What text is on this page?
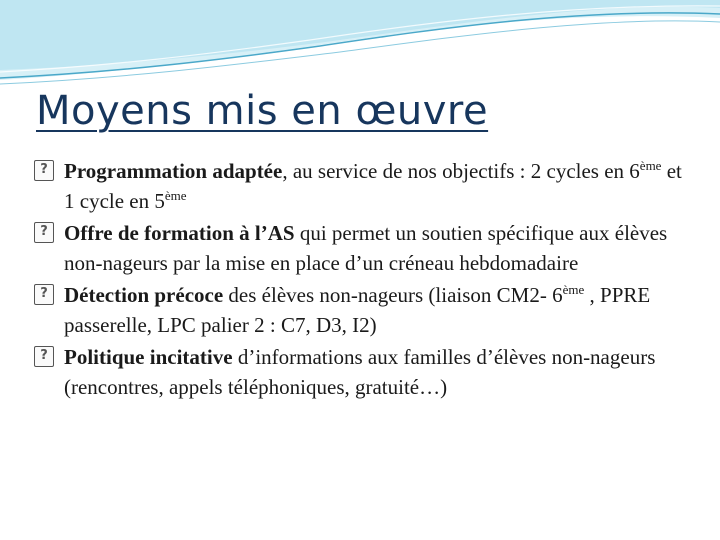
Moyens mis en œuvre
? Programmation adaptée, au service de nos objectifs : 2 cycles en 6ème et 1 cycle en 5ème
? Offre de formation à l’AS qui permet un soutien spécifique aux élèves non-nageurs par la mise en place d’un créneau hebdomadaire
? Détection précoce des élèves non-nageurs (liaison CM2- 6ème , PPRE passerelle, LPC palier 2 : C7, D3, I2)
? Politique incitative d’informations aux familles d’élèves non-nageurs (rencontres, appels téléphoniques, gratuité…)
